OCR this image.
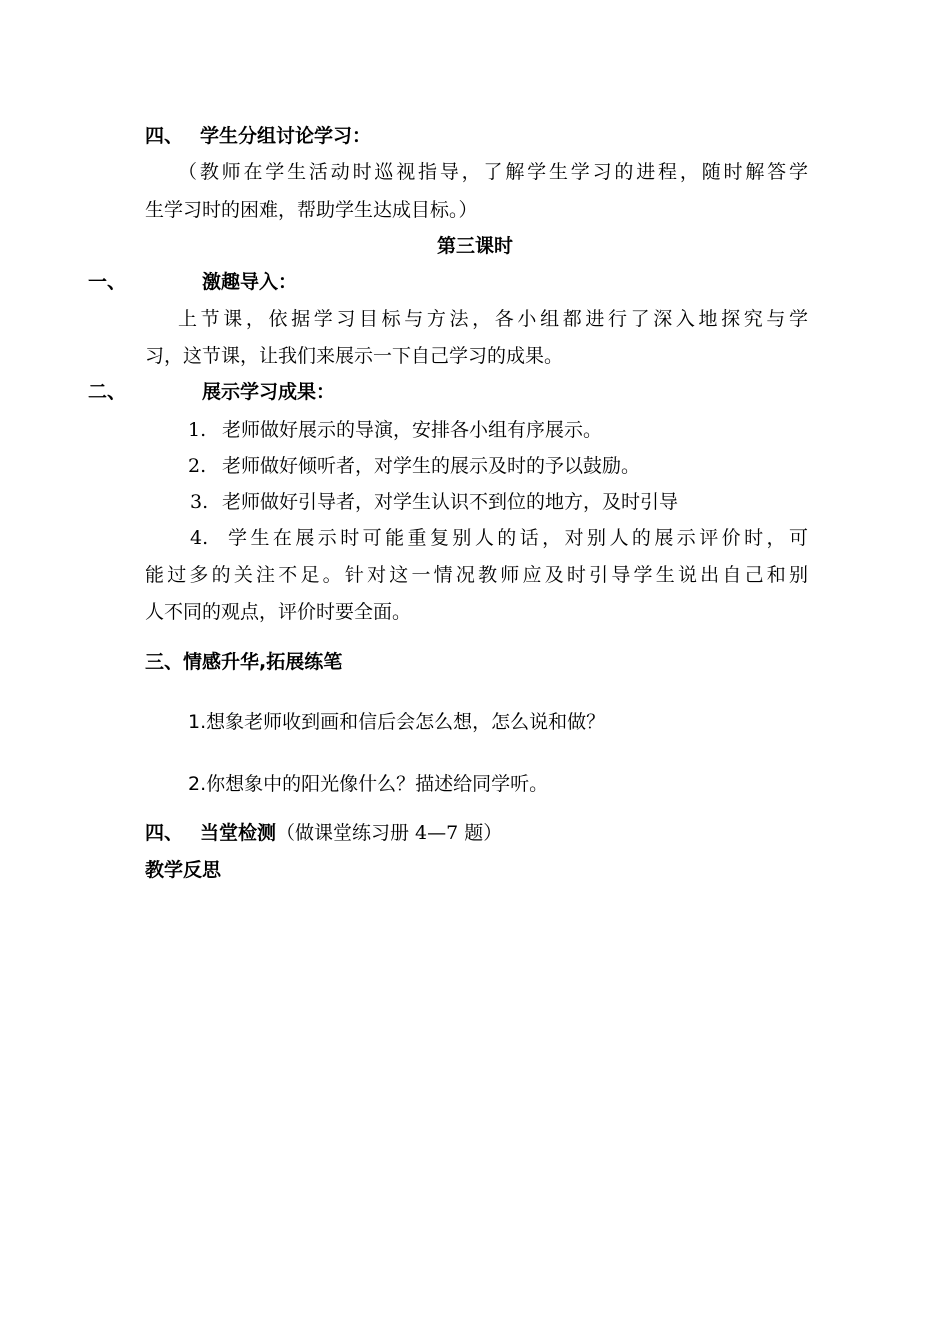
四、 学生分组讨论学习：
（教师在学生活动时巡视指导，了解学生学习的进程，随时解答学
生学习时的困难，帮助学生达成目标。）
第三课时
一、	激趣导入：
上节课，依据学习目标与方法，各小组都进行了深入地探究与学
习，这节课，让我们来展示一下自己学习的成果。
二、	展示学习成果：
1. 老师做好展示的导演，安排各小组有序展示。
2. 老师做好倾听者，对学生的展示及时的予以鼓励。
3. 老师做好引导者，对学生认识不到位的地方，及时引导
4. 学生在展示时可能重复别人的话，对别人的展示评价时，可
能过多的关注不足。针对这一情况教师应及时引导学生说出自己和别
人不同的观点，评价时要全面。
三、情感升华,拓展练笔
1.想象老师收到画和信后会怎么想，怎么说和做？
2.你想象中的阳光像什么？描述给同学听。
四、 当堂检测（做课堂练习册 4—7 题）
教学反思
